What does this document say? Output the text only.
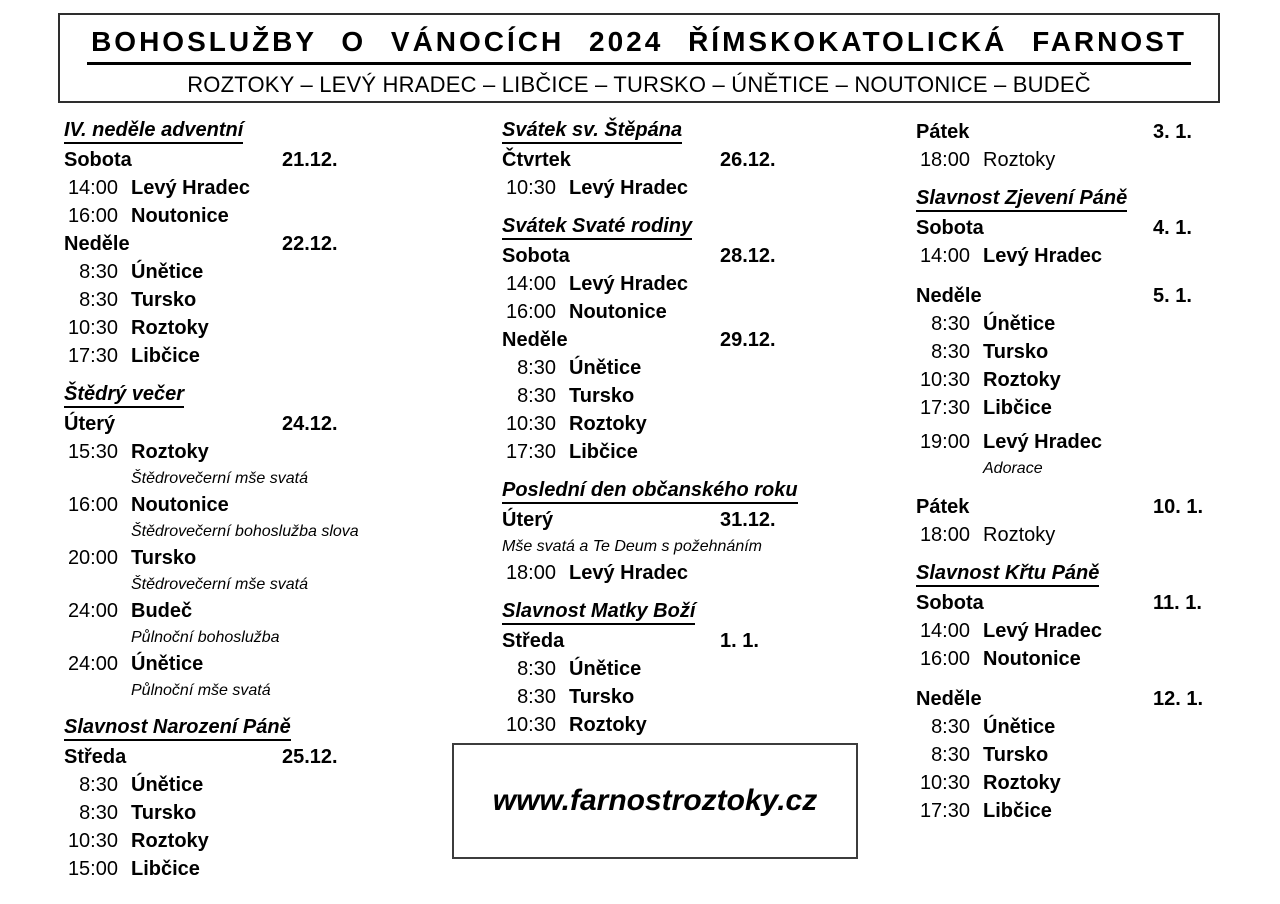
BOHOSLUŽBY O VÁNOCÍCH 2024 ŘÍMSKOKATOLICKÁ FARNOST
ROZTOKY – LEVÝ HRADEC – LIBČICE – TURSKO – ÚNĚTICE – NOUTONICE – BUDEČ
IV. neděle adventní
Sobota	21.12.
14:00 Levý Hradec
16:00 Noutonice
Neděle	22.12.
8:30 Únětice
8:30 Tursko
10:30 Roztoky
17:30 Libčice
Štědrý večer
Úterý	24.12.
15:30 Roztoky
Štědrovečerní mše svatá
16:00 Noutonice
Štědrovečerní bohoslužba slova
20:00 Tursko
Štědrovečerní mše svatá
24:00 Budeč
Půlnoční bohoslužba
24:00 Únětice
Půlnoční mše svatá
Slavnost Narození Páně
Středa	25.12.
8:30 Únětice
8:30 Tursko
10:30 Roztoky
15:00 Libčice
Svátek sv. Štěpána
Čtvrtek	26.12.
10:30 Levý Hradec
Svátek Svaté rodiny
Sobota	28.12.
14:00 Levý Hradec
16:00 Noutonice
Neděle	29.12.
8:30 Únětice
8:30 Tursko
10:30 Roztoky
17:30 Libčice
Poslední den občanského roku
Úterý	31.12.
Mše svatá a Te Deum s požehnáním
18:00 Levý Hradec
Slavnost Matky Boží
Středa	1. 1.
8:30 Únětice
8:30 Tursko
10:30 Roztoky
Pátek	3. 1.
18:00 Roztoky
Slavnost Zjevení Páně
Sobota	4. 1.
14:00 Levý Hradec
Neděle	5. 1.
8:30 Únětice
8:30 Tursko
10:30 Roztoky
17:30 Libčice
19:00 Levý Hradec
Adorace
Pátek	10. 1.
18:00 Roztoky
Slavnost Křtu Páně
Sobota	11. 1.
14:00 Levý Hradec
16:00 Noutonice
Neděle	12. 1.
8:30 Únětice
8:30 Tursko
10:30 Roztoky
17:30 Libčice
www.farnostroztoky.cz
